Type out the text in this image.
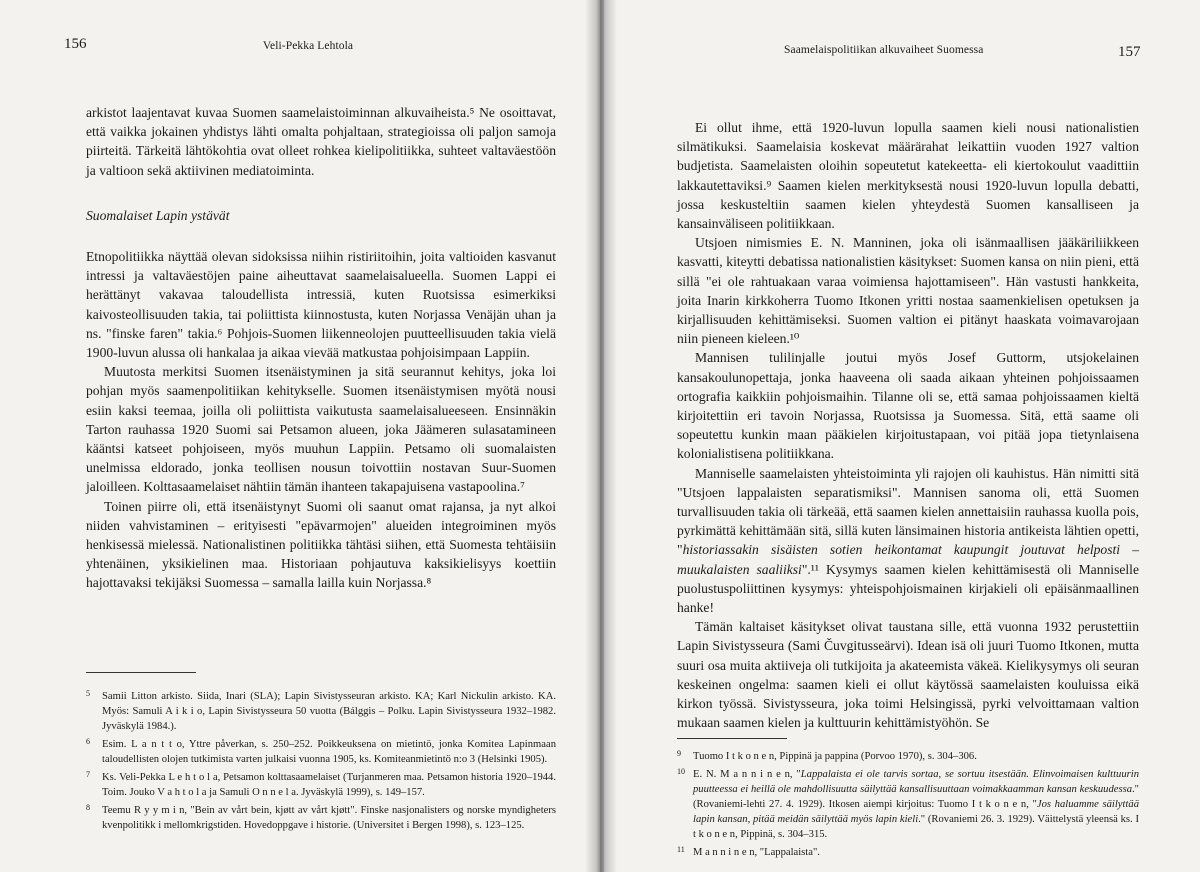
156	Veli-Pekka Lehtola

arkistot laajentavat kuvaa Suomen saamelaistoiminnan alkuvaiheista.⁵ Ne osoittavat, että vaikka jokainen yhdistys lähti omalta pohjaltaan, strategioissa oli paljon samoja piirteitä. Tärkeitä lähtökohtia ovat olleet rohkea kielipolitiikka, suhteet valtaväestöön ja valtioon sekä aktiivinen mediatoiminta.

Suomalaiset Lapin ystävät

Etnopolitiikka näyttää olevan sidoksissa niihin ristiriitoihin, joita valtioiden kasvanut intressi ja valtaväestöjen paine aiheuttavat saamelaisalueella. Suomen Lappi ei herättänyt vakavaa taloudellista intressiä, kuten Ruotsissa esimerkiksi kaivosteollisuuden takia, tai poliittista kiinnostusta, kuten Norjassa Venäjän uhan ja ns. "finske faren" takia.⁶ Pohjois-Suomen liikenneolojen puutteellisuuden takia vielä 1900-luvun alussa oli hankalaa ja aikaa vievää matkustaa pohjoisimpaan Lappiin.

Muutosta merkitsi Suomen itsenäistyminen ja sitä seurannut kehitys, joka loi pohjan myös saamenpolitiikan kehitykselle. Suomen itsenäistymisen myötä nousi esiin kaksi teemaa, joilla oli poliittista vaikutusta saamelaisalueeseen. Ensinnäkin Tarton rauhassa 1920 Suomi sai Petsamon alueen, joka Jäämeren sulasatamineen kääntsi katseet pohjoiseen, myös muuhun Lappiin. Petsamo oli suomalaisten unelmissa eldorado, jonka teollisen nousun toivottiin nostavan Suur-Suomen jaloilleen. Kolttasaamelaiset nähtiin tämän ihanteen takapajuisena vastapoolina.⁷

Toinen piirre oli, että itsenäistynyt Suomi oli saanut omat rajansa, ja nyt alkoi niiden vahvistaminen – erityisesti "epävarmojen" alueiden integroiminen myös henkisessä mielessä. Nationalistinen politiikka tähtäsi siihen, että Suomesta tehtäisiin yhtenäinen, yksikielinen maa. Historiaan pohjautuva kaksikielisyys koettiin hajottavaksi tekijäksi Suomessa – samalla lailla kuin Norjassa.⁸

5 Samii Litton arkisto. Siida, Inari (SLA); Lapin Sivistysseuran arkisto. KA; Karl Nickulin arkisto. KA. Myös: Samuli A i k i o, Lapin Sivistysseura 50 vuotta (Bálggis – Polku. Lapin Sivistysseura 1932–1982. Jyväskylä 1984.).

6 Esim. L a n t t o, Yttre påverkan, s. 250–252. Poikkeuksena on mietintö, jonka Komitea Lapinmaan taloudellisten olojen tutkimista varten julkaisi vuonna 1905, ks. Komiteanmietintö n:o 3 (Helsinki 1905).

7 Ks. Veli-Pekka L e h t o l a, Petsamon kolttasaamelaiset (Turjanmeren maa. Petsamon historia 1920–1944. Toim. Jouko V a h t o l a ja Samuli O n n e l a. Jyväskylä 1999), s. 149–157.

8 Teemu R y y m i n, "Bein av vårt bein, kjøtt av vårt kjøtt". Finske nasjonalisters og norske myndigheters kvenpolitikk i mellomkrigstiden. Hovedoppgave i historie. (Universitet i Bergen 1998), s. 123–125.

Saamelaispolitiikan alkuvaiheet Suomessa	157

Ei ollut ihme, että 1920-luvun lopulla saamen kieli nousi nationalistien silmätikuksi. Saamelaisia koskevat määrärahat leikattiin vuoden 1927 valtion budjetista. Saamelaisten oloihin sopeutetut katekeetta- eli kiertokoulut vaadittiin lakkautettaviksi.⁹ Saamen kielen merkityksestä nousi 1920-luvun lopulla debatti, jossa keskusteltiin saamen kielen yhteydestä Suomen kansalliseen ja kansainväliseen politiikkaan.

Utsjoen nimismies E. N. Manninen, joka oli isänmaallisen jääkäriliikkeen kasvatti, kiteytti debatissa nationalistien käsitykset: Suomen kansa on niin pieni, että sillä "ei ole rahtuakaan varaa voimiensa hajottamiseen". Hän vastusti hankkeita, joita Inarin kirkkoherra Tuomo Itkonen yritti nostaa saamenkielisen opetuksen ja kirjallisuuden kehittämiseksi. Suomen valtion ei pitänyt haaskata voimavarojaan niin pieneen kieleen.¹⁰

Mannisen tulilinjalle joutui myös Josef Guttorm, utsjokelainen kansakoulunopettaja, jonka haaveena oli saada aikaan yhteinen pohjoissaamen ortografia kaikkiin pohjoismaihin. Tilanne oli se, että samaa pohjoissaamen kieltä kirjoitettiin eri tavoin Norjassa, Ruotsissa ja Suomessa. Sitä, että saame oli sopeutettu kunkin maan pääkielen kirjoitustapaan, voi pitää jopa tietynlaisena kolonialistisena politiikkana.

Manniselle saamelaisten yhteistoiminta yli rajojen oli kauhistus. Hän nimitti sitä "Utsjoen lappalaisten separatismiksi". Mannisen sanoma oli, että Suomen turvallisuuden takia oli tärkeää, että saamen kielen annettaisiin rauhassa kuolla pois, pyrkimättä kehittämään sitä, sillä kuten länsimainen historia antikeista lähtien opetti, "historiassakin sisäisten sotien heikontamat kaupungit joutuvat helposti – muukalaisten saaliiksi".¹¹ Kysymys saamen kielen kehittämisestä oli Manniselle puolustuspoliittinen kysymys: yhteispohjoismainen kirjakieli oli epäisänmaallinen hanke!

Tämän kaltaiset käsitykset olivat taustana sille, että vuonna 1932 perustettiin Lapin Sivistysseura (Sami Čuvgitusseärvi). Idean isä oli juuri Tuomo Itkonen, mutta suuri osa muita aktiiveja oli tutkijoita ja akateemista väkeä. Kielikysymys oli seuran keskeinen ongelma: saamen kieli ei ollut käytössä saamelaisten kouluissa eikä kirkon työssä. Sivistysseura, joka toimi Helsingissä, pyrki velvoittamaan valtion mukaan saamen kielen ja kulttuurin kehittämistyöhön. Se

9 Tuomo I t k o n e n, Pippinä ja pappina (Porvoo 1970), s. 304–306.

10 E. N. M a n n i n e n, "Lappalaista ei ole tarvis sortaa, se sortuu itsestään. Elinvoimaisen kulttuurin puutteessa ei heillä ole mahdollisuutta säilyttää kansallisuuttaan voimakkaamman kansan keskuudessa." (Rovaniemi-lehti 27. 4. 1929). Itkosen aiempi kirjoitus: Tuomo I t k o n e n, "Jos haluamme säilyttää lapin kansan, pitää meidän säilyttää myös lapin kieli." (Rovaniemi 26. 3. 1929). Väittelystä yleensä ks. I t k o n e n, Pippinä, s. 304–315.

11 M a n n i n e n, "Lappalaista".
